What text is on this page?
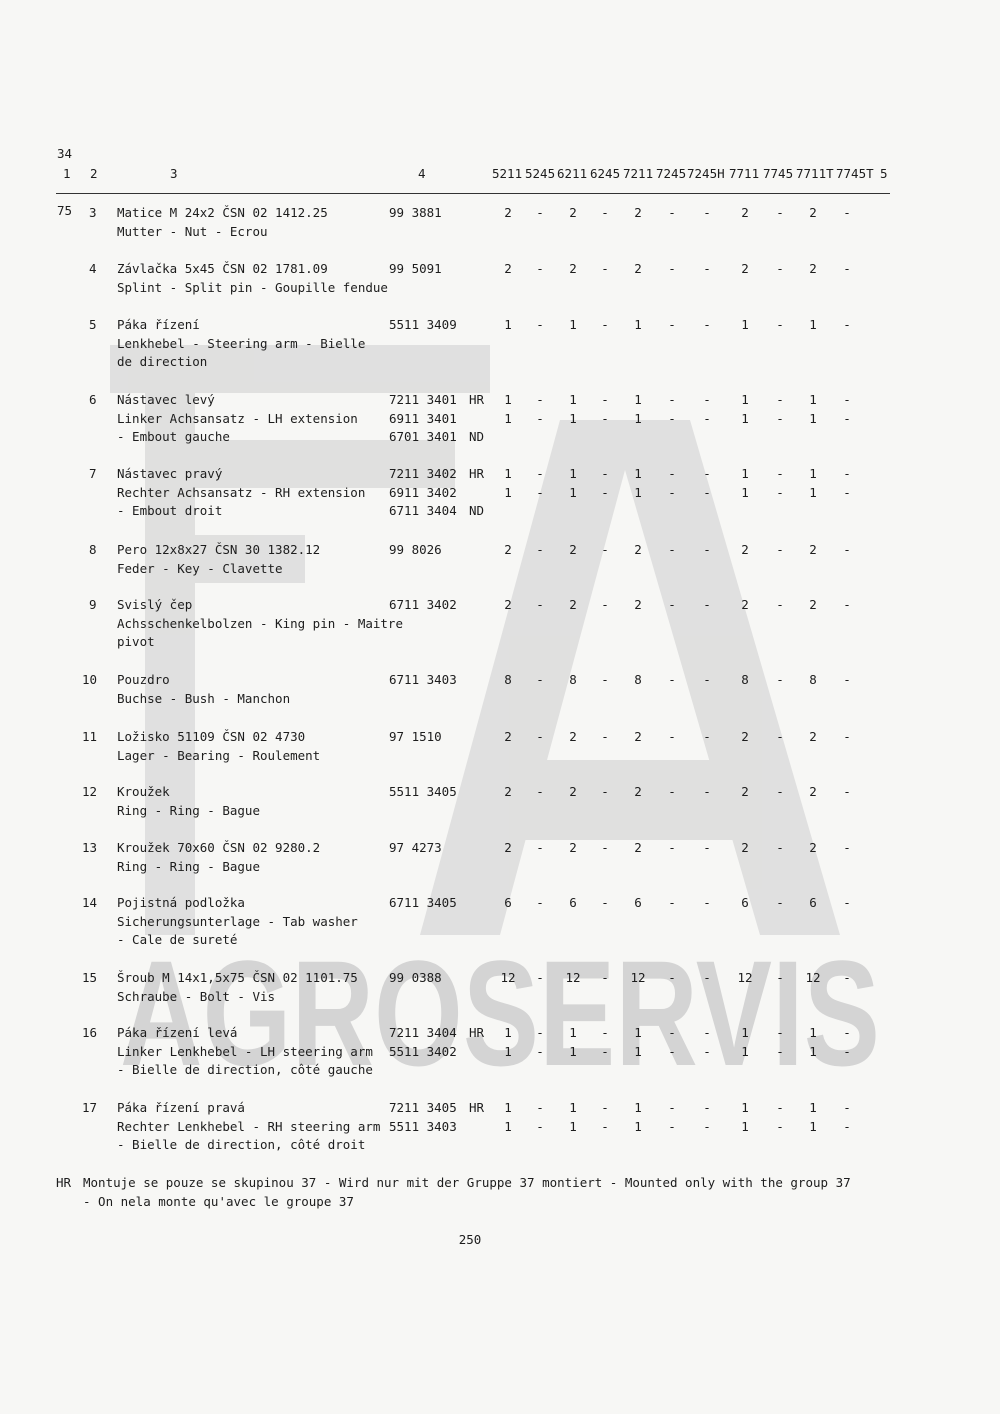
AGROSERVIS
34
1 2	3	4	5211 5245 6211 6245 7211 7245 7245H 7711 7745 7711T 7745T 5
75 3 Matice M 24x2 ČSN 02 1412.25
Mutter - Nut - Ecrou
99 3881	2	-	2	-	2	-	-	2	-	2	-
4 Závlačka 5x45 ČSN 02 1781.09
Splint - Split pin - Goupille fendue
99 5091	2	-	2	-	2	-	-	2	-	2	-
5 Páka řízení
Lenkhebel - Steering arm - Bielle
de direction
5511 3409	1	-	1	-	1	-	-	1	-	1	-
6 Nástavec levý
Linker Achsansatz - LH extension
- Embout gauche
7211 3401 HR	1	-	1	-	1	-	-	1	-	1	-
6911 3401	1	-	1	-	1	-	-	1	-	1	-
6701 3401 ND
7 Nástavec pravý
Rechter Achsansatz - RH extension
- Embout droit
7211 3402 HR	1	-	1	-	1	-	-	1	-	1	-
6911 3402	1	-	1	-	1	-	-	1	-	1	-
6711 3404 ND
8 Pero 12x8x27 ČSN 30 1382.12
Feder - Key - Clavette
99 8026	2	-	2	-	2	-	-	2	-	2	-
9 Svislý čep
Achsschenkelbolzen - King pin - Maitre
pivot
6711 3402	2	-	2	-	2	-	-	2	-	2	-
10 Pouzdro
Buchse - Bush - Manchon
6711 3403	8	-	8	-	8	-	-	8	-	8	-
11 Ložisko 51109 ČSN 02 4730
Lager - Bearing - Roulement
97 1510	2	-	2	-	2	-	-	2	-	2	-
12 Kroužek
Ring - Ring - Bague
5511 3405	2	-	2	-	2	-	-	2	-	2	-
13 Kroužek 70x60 ČSN 02 9280.2
Ring - Ring - Bague
97 4273	2	-	2	-	2	-	-	2	-	2	-
14 Pojistná podložka
Sicherungsunterlage - Tab washer
- Cale de sureté
6711 3405	6	-	6	-	6	-	-	6	-	6	-
15 Šroub M 14x1,5x75 ČSN 02 1101.75
Schraube - Bolt - Vis
99 0388	12	-	12	-	12	-	-	12	-	12	-
16 Páka řízení levá
Linker Lenkhebel - LH steering arm
- Bielle de direction, côté gauche
7211 3404 HR	1	-	1	-	1	-	-	1	-	1	-
5511 3402	1	-	1	-	1	-	-	1	-	1	-
17 Páka řízení pravá
Rechter Lenkhebel - RH steering arm
- Bielle de direction, côté droit
7211 3405 HR	1	-	1	-	1	-	-	1	-	1	-
5511 3403	1	-	1	-	1	-	-	1	-	1	-
HR Montuje se pouze se skupinou 37 - Wird nur mit der Gruppe 37 montiert - Mounted only with the group 37
- On nela monte qu'avec le groupe 37
250
